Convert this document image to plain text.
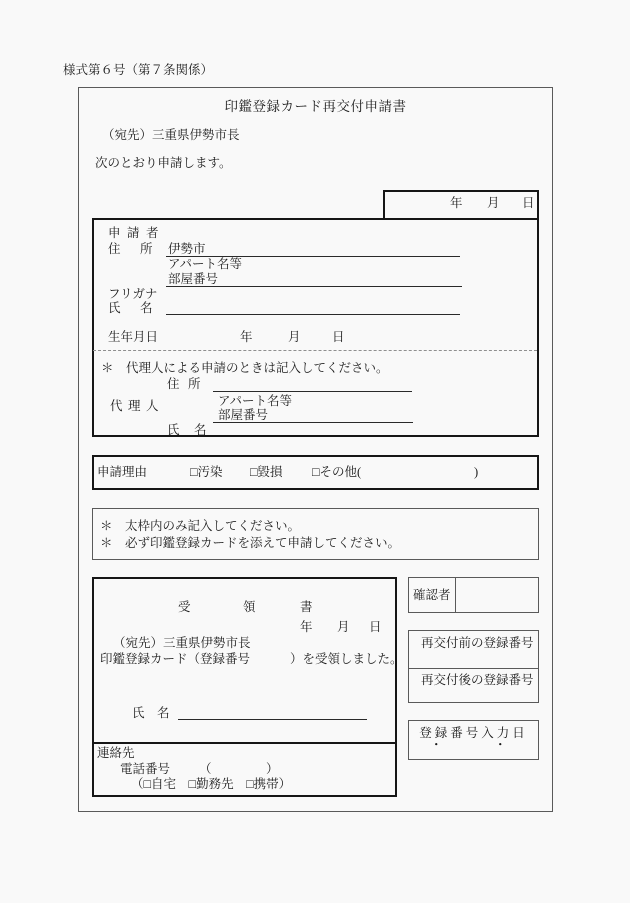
様式第６号（第７条関係）
印鑑登録カード再交付申請書
（宛先）三重県伊勢市長
次のとおり申請します。
年 月 日
申請者
住　所 伊勢市
アパート名等
部屋番号
フリガナ
氏　名
生年月日	年	月	日
＊　代理人による申請のときは記入してください。
住　所
アパート名等
代理人
部屋番号
氏　名
申請理由	□汚染 □毀損 □その他(	)
＊　太枠内のみ記入してください。
＊　必ず印鑑登録カードを添えて申請してください。
受	領	書
年 月 日
（宛先）三重県伊勢市長
印鑑登録カード（登録番号	）を受領しました。
氏　名
連絡先
電話番号 （	）
（□自宅　□勤務先　□携帯）
確認者
再交付前の登録番号
再交付後の登録番号
登録番号入力日
・	・
